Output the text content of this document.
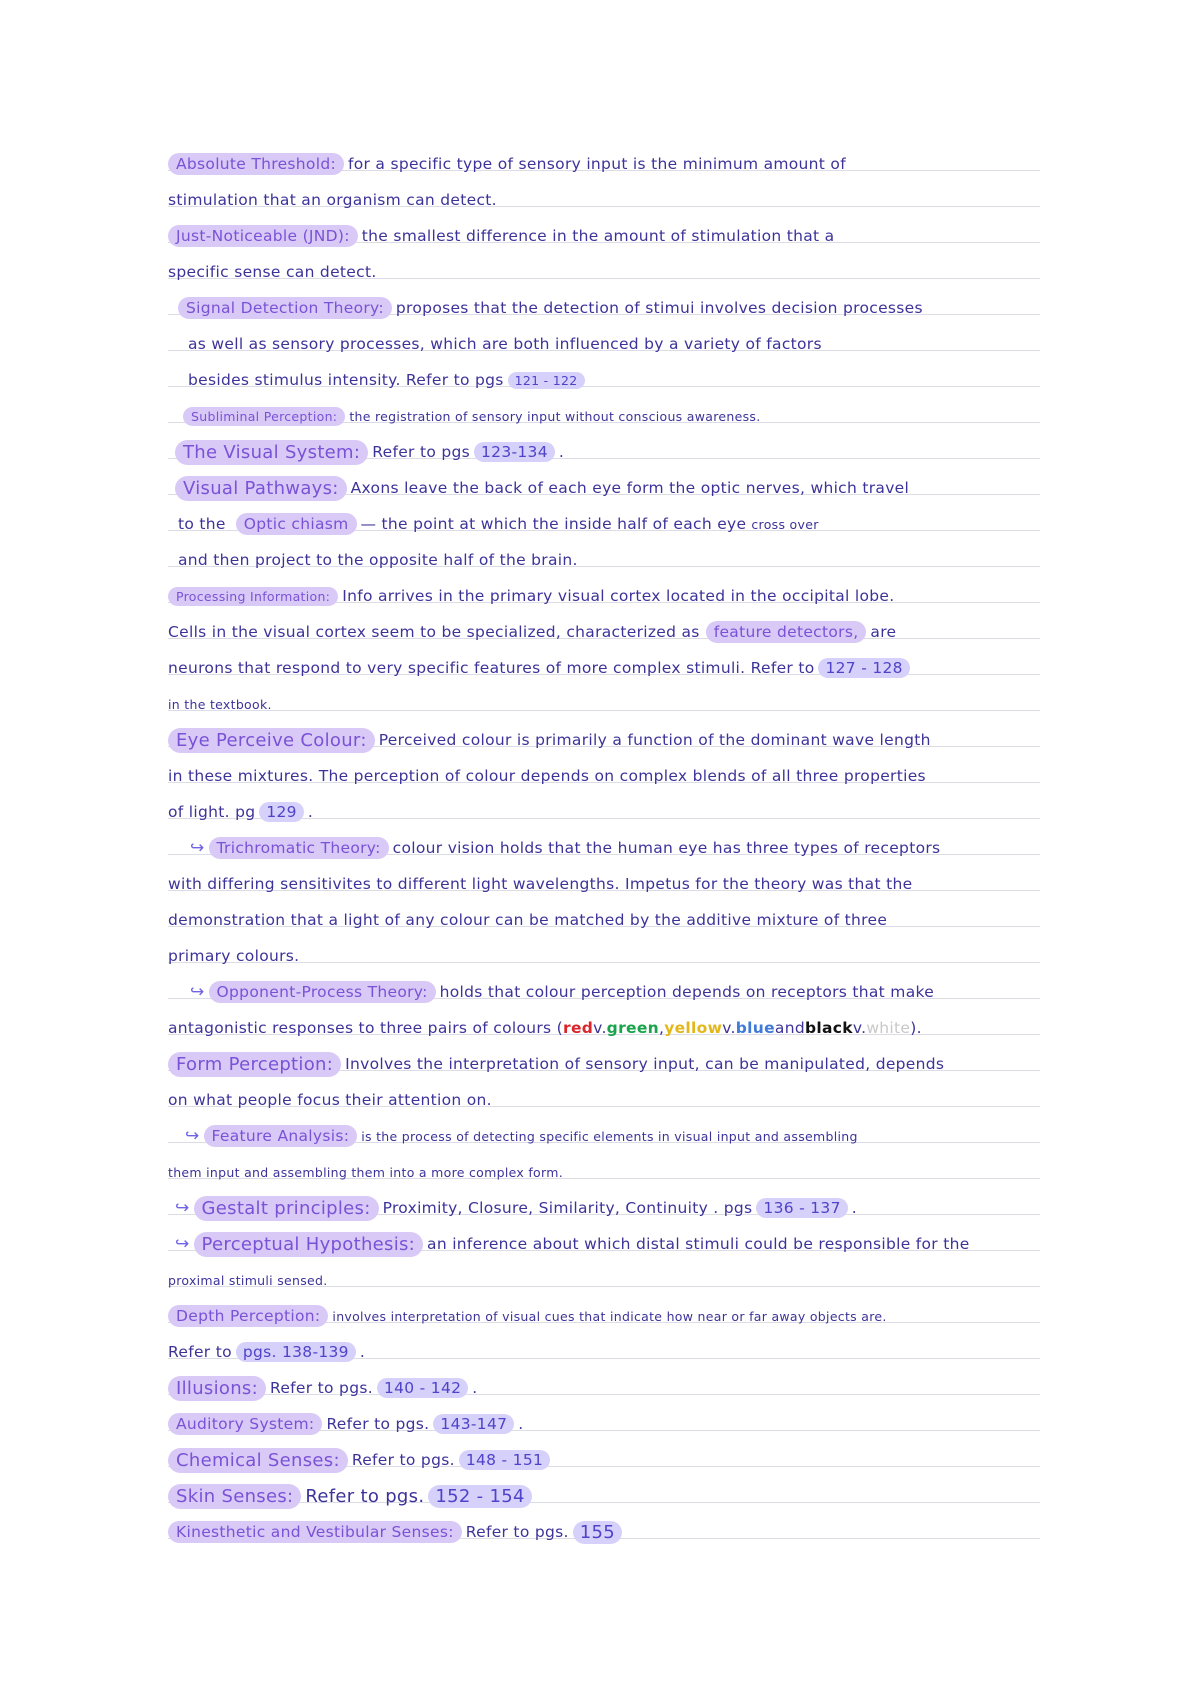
Absolute Threshold: for a specific type of sensory input is the minimum amount of
stimulation that an organism can detect.
Just-Noticeable (JND): the smallest difference in the amount of stimulation that a
specific sense can detect.
Signal Detection Theory: proposes that the detection of stimui involves decision processes
as well as sensory processes, which are both influenced by a variety of factors
besides stimulus intensity. Refer to pgs 121 - 122
Subliminal Perception: the registration of sensory input without conscious awareness.
The Visual System: Refer to pgs 123-134 .
Visual Pathways: Axons leave the back of each eye form the optic nerves, which travel
to the	Optic chiasm — the point at which the inside half of each eye cross over
and then project to the opposite half of the brain.
Processing Information: Info arrives in the primary visual cortex located in the occipital lobe.
Cells in the visual cortex seem to be specialized, characterized as feature detectors, are
neurons that respond to very specific features of more complex stimuli. Refer to 127 - 128
in the textbook.
Eye Perceive Colour: Perceived colour is primarily a function of the dominant wave length
in these mixtures. The perception of colour depends on complex blends of all three properties
of light. pg 129 .
↪ Trichromatic Theory: colour vision holds that the human eye has three types of receptors
with differing sensitivites to different light wavelengths. Impetus for the theory was that the
demonstration that a light of any colour can be matched by the additive mixture of three
primary colours.
↪ Opponent-Process Theory: holds that colour perception depends on receptors that make
antagonistic responses to three pairs of colours ( red v. green , yellow v. blue and black v. white ).
Form Perception: Involves the interpretation of sensory input, can be manipulated, depends
on what people focus their attention on.
↪ Feature Analysis: is the process of detecting specific elements in visual input and assembling
them input and assembling them into a more complex form.
↪ Gestalt principles: Proximity, Closure, Similarity, Continuity . pgs 136 - 137 .
↪ Perceptual Hypothesis: an inference about which distal stimuli could be responsible for the
proximal stimuli sensed.
Depth Perception: involves interpretation of visual cues that indicate how near or far away objects are.
Refer to pgs. 138-139 .
Illusions: Refer to pgs. 140 - 142 .
Auditory System: Refer to pgs. 143-147 .
Chemical Senses: Refer to pgs. 148 - 151
Skin Senses: Refer to pgs. 152 - 154
Kinesthetic and Vestibular Senses: Refer to pgs. 155
